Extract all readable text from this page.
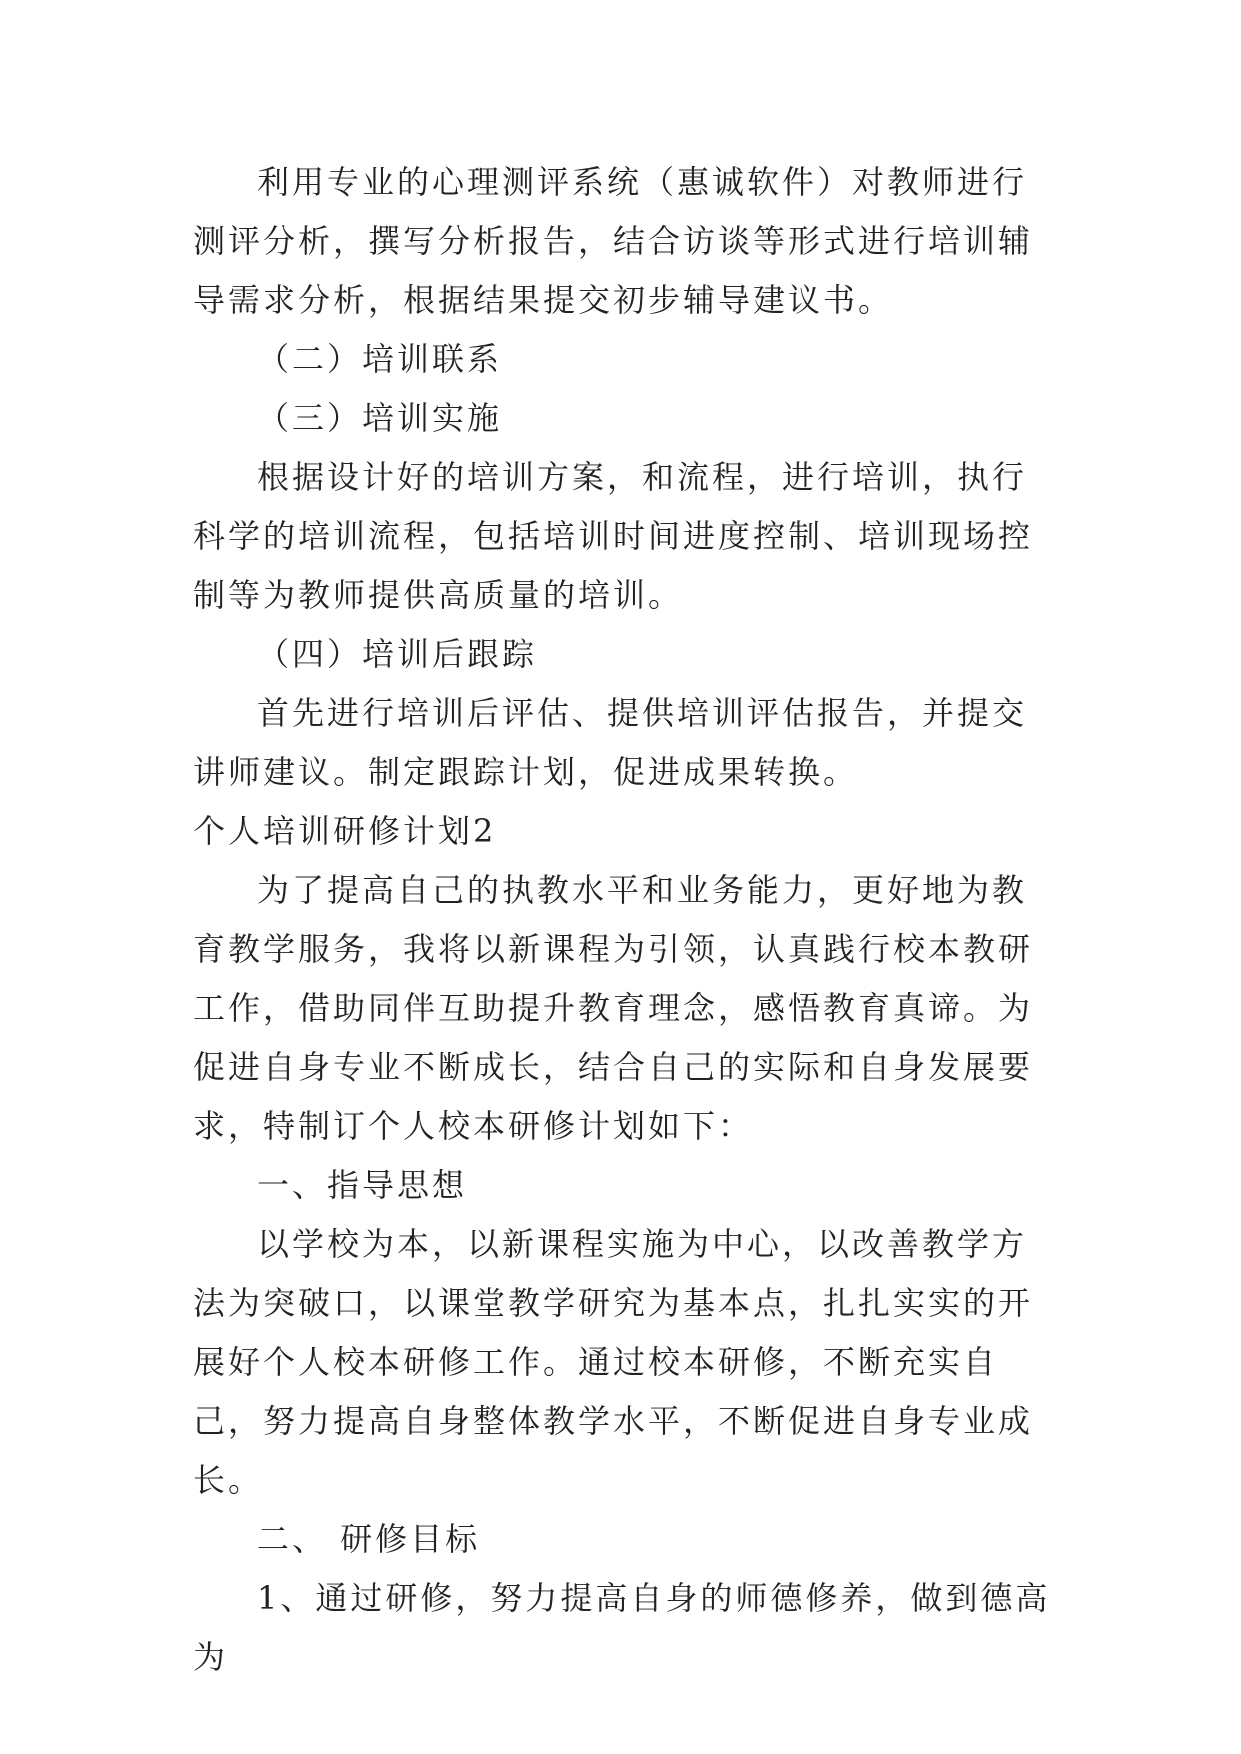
利用专业的心理测评系统（惠诚软件）对教师进行测评分析，撰写分析报告，结合访谈等形式进行培训辅导需求分析，根据结果提交初步辅导建议书。

（二）培训联系

（三）培训实施

根据设计好的培训方案，和流程，进行培训，执行科学的培训流程，包括培训时间进度控制、培训现场控制等为教师提供高质量的培训。

（四）培训后跟踪

首先进行培训后评估、提供培训评估报告，并提交讲师建议。制定跟踪计划，促进成果转换。

个人培训研修计划2

为了提高自己的执教水平和业务能力，更好地为教育教学服务，我将以新课程为引领，认真践行校本教研工作，借助同伴互助提升教育理念，感悟教育真谛。为促进自身专业不断成长，结合自己的实际和自身发展要求，特制订个人校本研修计划如下：

一、指导思想

以学校为本，以新课程实施为中心，以改善教学方法为突破口，以课堂教学研究为基本点，扎扎实实的开展好个人校本研修工作。通过校本研修，不断充实自己，努力提高自身整体教学水平，不断促进自身专业成长。

二、 研修目标

1、通过研修，努力提高自身的师德修养，做到德高为
